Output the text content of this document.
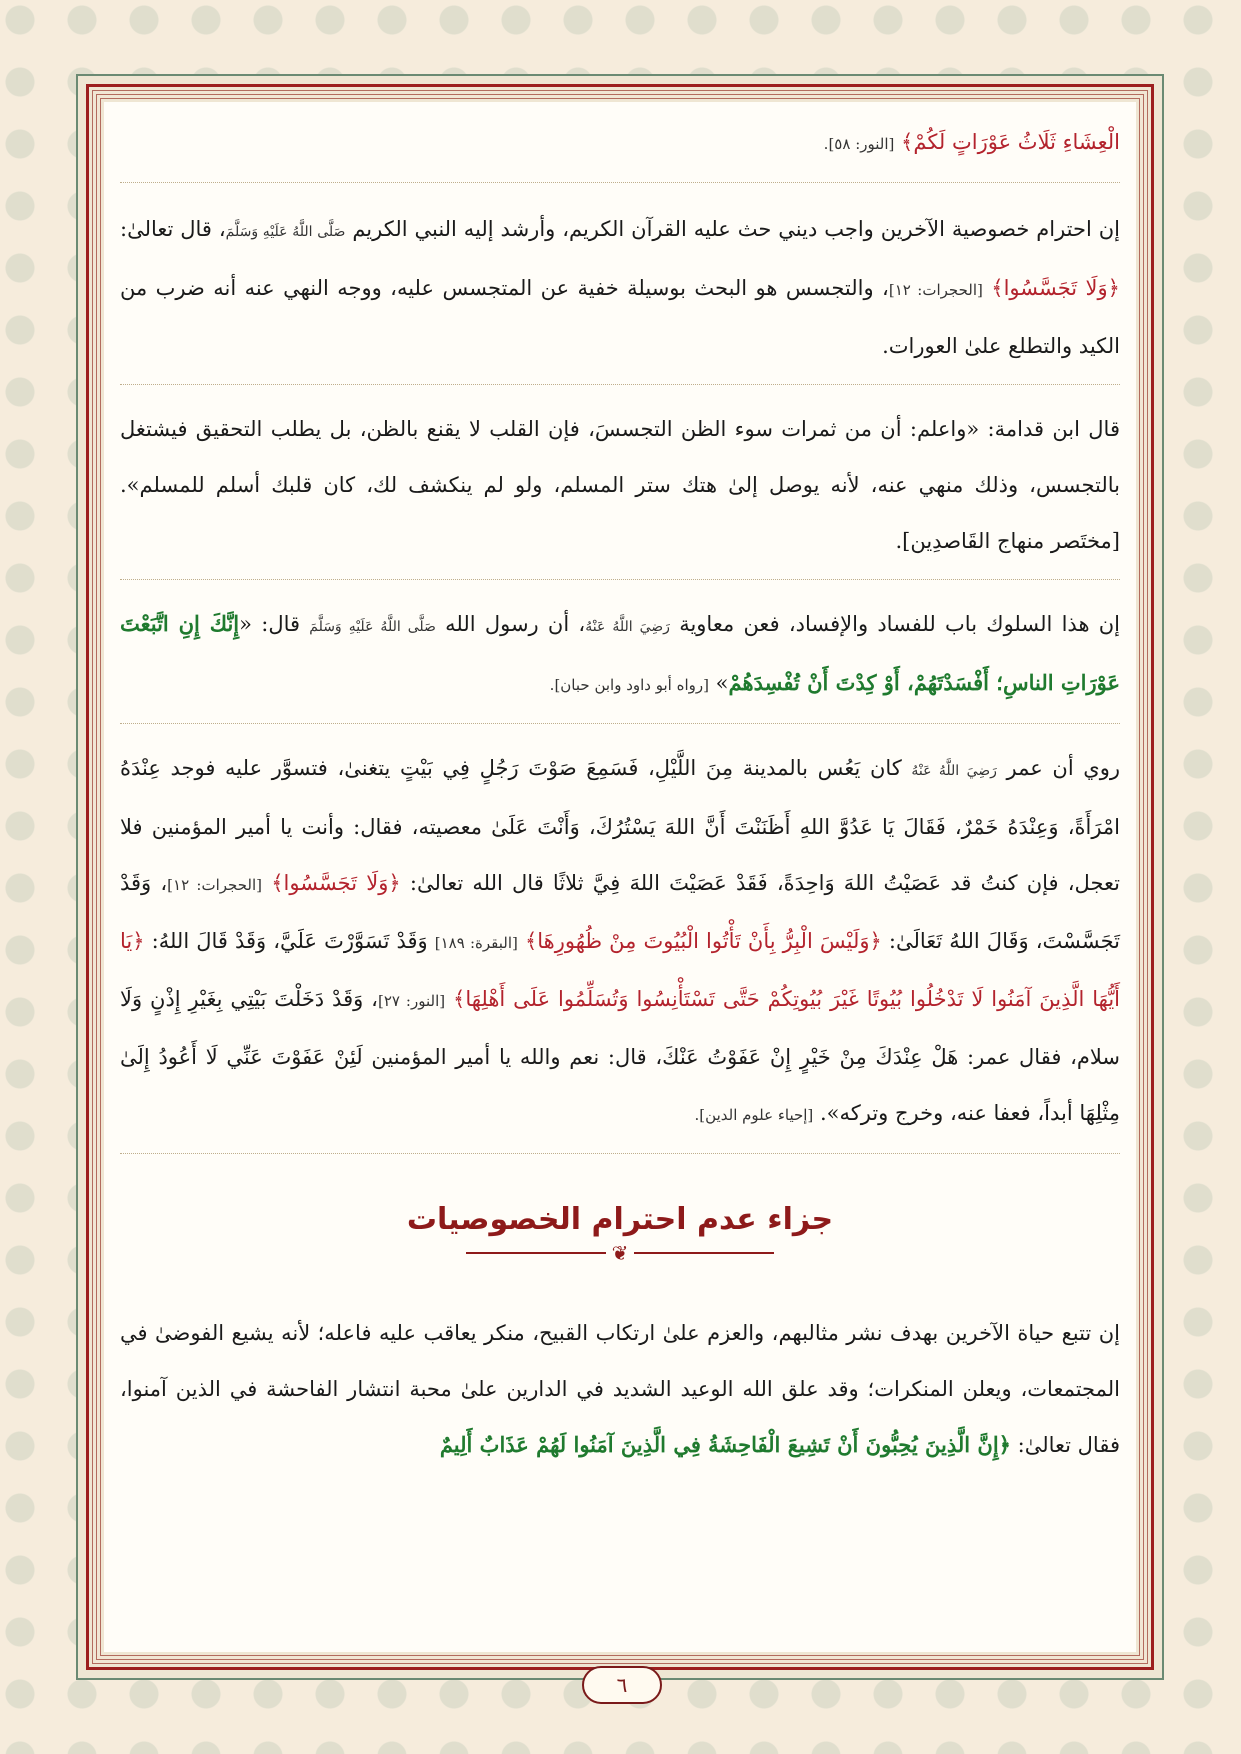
الْعِشَاءِ ثَلَاثُ عَوْرَاتٍ لَكُمْ﴾ [النور: ٥٨].

إن احترام خصوصية الآخرين واجب ديني حث عليه القرآن الكريم، وأرشد إليه النبي الكريم صَلَّى اللَّهُ عَلَيْهِ وَسَلَّمَ، قال تعالىٰ: ﴿وَلَا تَجَسَّسُوا﴾ [الحجرات: ١٢]، والتجسس هو البحث بوسيلة خفية عن المتجسس عليه، ووجه النهي عنه أنه ضرب من الكيد والتطلع علىٰ العورات.

قال ابن قدامة: «واعلم: أن من ثمرات سوء الظن التجسسَ، فإن القلب لا يقنع بالظن، بل يطلب التحقيق فيشتغل بالتجسس، وذلك منهي عنه، لأنه يوصل إلىٰ هتك ستر المسلم، ولو لم ينكشف لك، كان قلبك أسلم للمسلم». [مختَصر منهاج القَاصدِين].

إن هذا السلوك باب للفساد والإفساد، فعن معاوية رَضِيَ اللَّهُ عَنْهُ، أن رسول الله صَلَّى اللَّهُ عَلَيْهِ وَسَلَّمَ قال: «إِنَّكَ إِنِ اتَّبَعْتَ عَوْرَاتِ الناسِ؛ أَفْسَدْتَهُمْ، أَوْ كِدْتَ أَنْ تُفْسِدَهُمْ» [رواه أبو داود وابن حبان].

روي أن عمر رَضِيَ اللَّهُ عَنْهُ كان يَعُس بالمدينة مِنَ اللَّيْلِ، فَسَمِعَ صَوْتَ رَجُلٍ فِي بَيْتٍ يتغنىٰ، فتسوَّر عليه فوجد عِنْدَهُ امْرَأَةً، وَعِنْدَهُ خَمْرٌ، فَقَالَ يَا عَدُوَّ اللهِ أَظَنَنْتَ أَنَّ اللهَ يَسْتُرُكَ، وَأَنْتَ عَلَىٰ معصيته، فقال: وأنت يا أمير المؤمنين فلا تعجل، فإن كنتُ قد عَصَيْتُ اللهَ وَاحِدَةً، فَقَدْ عَصَيْتَ اللهَ فِيَّ ثلاثًا قال الله تعالىٰ: ﴿وَلَا تَجَسَّسُوا﴾ [الحجرات: ١٢]، وَقَدْ تَجَسَّسْتَ، وَقَالَ اللهُ تَعَالَىٰ: ﴿وَلَيْسَ الْبِرُّ بِأَنْ تَأْتُوا الْبُيُوتَ مِنْ ظُهُورِهَا﴾ [البقرة: ١٨٩] وَقَدْ تَسَوَّرْتَ عَلَيَّ، وَقَدْ قَالَ اللهُ: ﴿يَا أَيُّهَا الَّذِينَ آمَنُوا لَا تَدْخُلُوا بُيُوتًا غَيْرَ بُيُوتِكُمْ حَتَّى تَسْتَأْنِسُوا وَتُسَلِّمُوا عَلَى أَهْلِهَا﴾ [النور: ٢٧]، وَقَدْ دَخَلْتَ بَيْتِي بِغَيْرِ إِذْنٍ وَلَا سلام، فقال عمر: هَلْ عِنْدَكَ مِنْ خَيْرٍ إِنْ عَفَوْتُ عَنْكَ، قال: نعم والله يا أمير المؤمنين لَئِنْ عَفَوْتَ عَنِّي لَا أَعُودُ إِلَىٰ مِثْلِهَا أبداً، فعفا عنه، وخرج وتركه». [إحياء علوم الدين].

جزاء عدم احترام الخصوصيات
❦

إن تتبع حياة الآخرين بهدف نشر مثالبهم، والعزم علىٰ ارتكاب القبيح، منكر يعاقب عليه فاعله؛ لأنه يشيع الفوضىٰ في المجتمعات، ويعلن المنكرات؛ وقد علق الله الوعيد الشديد في الدارين علىٰ محبة انتشار الفاحشة في الذين آمنوا، فقال تعالىٰ: ﴿إِنَّ الَّذِينَ يُحِبُّونَ أَنْ تَشِيعَ الْفَاحِشَةُ فِي الَّذِينَ آمَنُوا لَهُمْ عَذَابٌ أَلِيمٌ

٦
